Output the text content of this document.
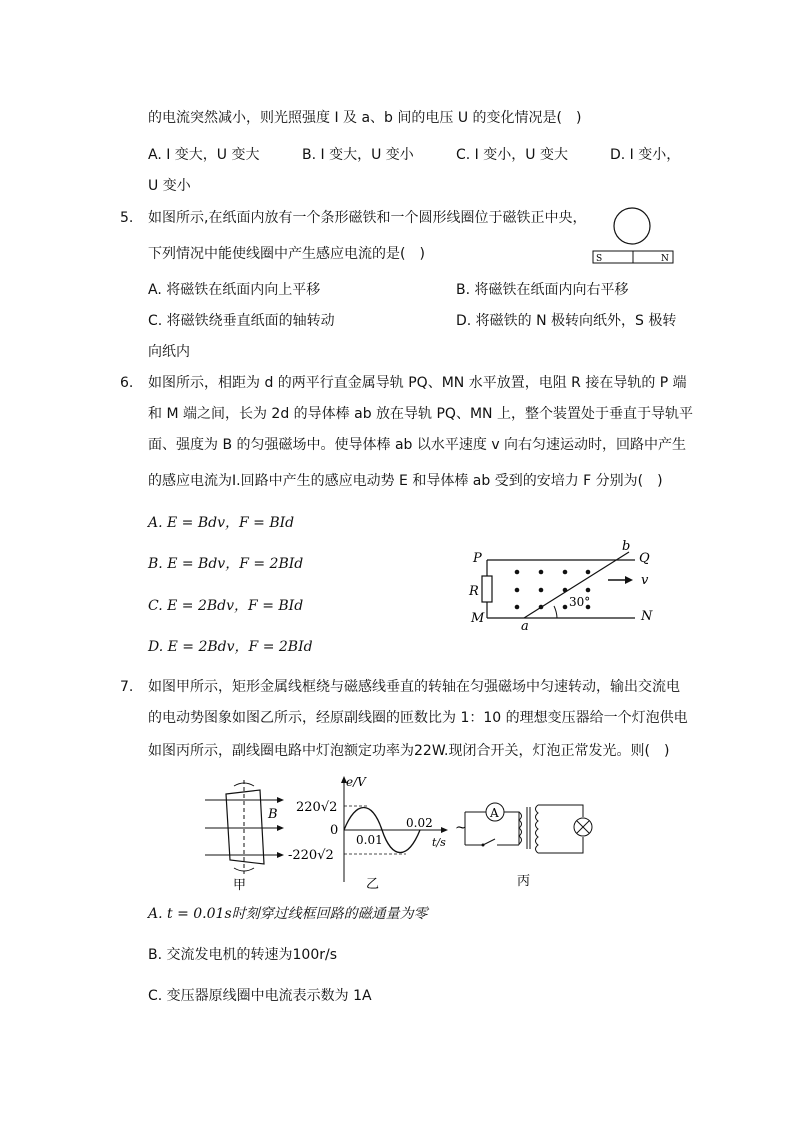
的电流突然减小，则光照强度 I 及 a、b 间的电压 U 的变化情况是(　)
A. I 变大，U 变大	B. I 变大，U 变小	C. I 变小，U 变大	D. I 变小，
U 变小
5. 如图所示,在纸面内放有一个条形磁铁和一个圆形线圈位于磁铁正中央，
下列情况中能使线圈中产生感应电流的是(　)	S	N
A. 将磁铁在纸面内向上平移	B. 将磁铁在纸面内向右平移
C. 将磁铁绕垂直纸面的轴转动	D. 将磁铁的 N 极转向纸外，S 极转
向纸内
6. 如图所示，相距为 d 的两平行直金属导轨 PQ、MN 水平放置，电阻 R 接在导轨的 P 端
和 M 端之间，长为 2d 的导体棒 ab 放在导轨 PQ、MN 上，整个装置处于垂直于导轨平
面、强度为 B 的匀强磁场中。使导体棒 ab 以水平速度 v 向右匀速运动时，回路中产生
的感应电流为I.回路中产生的感应电动势 E 和导体棒 ab 受到的安培力 F 分别为(　)
A. E = Bdv，F = BId
B. E = Bdv，F = 2BId
C. E = 2Bdv，F = BId
D. E = 2Bdv，F = 2BId
P	Q
R
M	N
a
b
v
30°
7. 如图甲所示，矩形金属线框绕与磁感线垂直的转轴在匀强磁场中匀速转动，输出交流电
的电动势图象如图乙所示，经原副线圈的匝数比为 1：10 的理想变压器给一个灯泡供电
如图丙所示，副线圈电路中灯泡额定功率为22W.现闭合开关，灯泡正常发光。则(　)
B
甲
e/V
220√2
0
-220√2
0.01
0.02
t/s
乙
A
~
丙
A. t = 0.01s时刻穿过线框回路的磁通量为零
B. 交流发电机的转速为100r/s
C. 变压器原线圈中电流表示数为 1A
